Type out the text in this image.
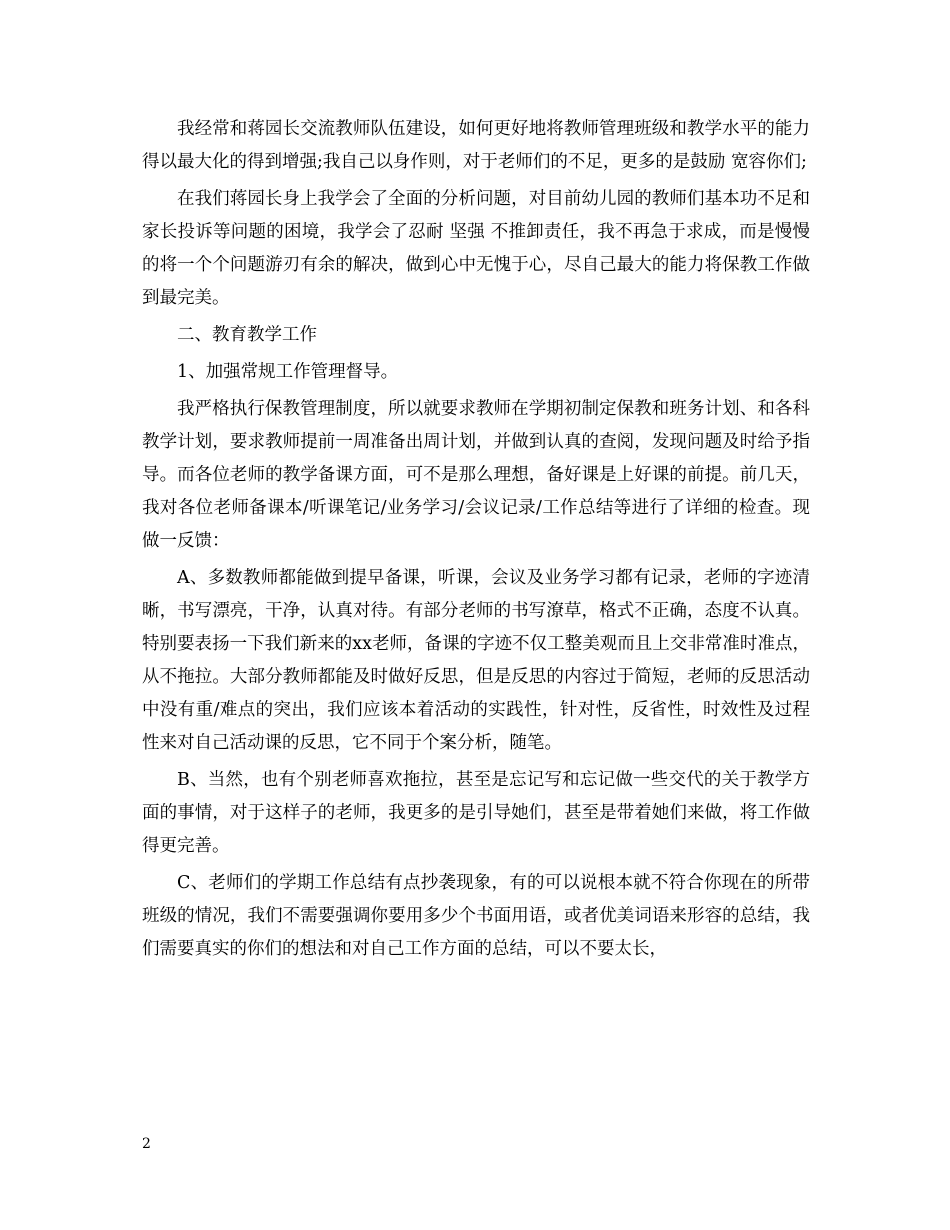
我经常和蒋园长交流教师队伍建设，如何更好地将教师管理班级和教学水平的能力得以最大化的得到增强;我自己以身作则，对于老师们的不足，更多的是鼓励 宽容你们;

在我们蒋园长身上我学会了全面的分析问题，对目前幼儿园的教师们基本功不足和家长投诉等问题的困境，我学会了忍耐 坚强 不推卸责任，我不再急于求成，而是慢慢的将一个个问题游刃有余的解决，做到心中无愧于心，尽自己最大的能力将保教工作做到最完美。

二、教育教学工作

1、加强常规工作管理督导。

我严格执行保教管理制度，所以就要求教师在学期初制定保教和班务计划、和各科教学计划，要求教师提前一周准备出周计划，并做到认真的查阅，发现问题及时给予指导。而各位老师的教学备课方面，可不是那么理想，备好课是上好课的前提。前几天，我对各位老师备课本/听课笔记/业务学习/会议记录/工作总结等进行了详细的检查。现做一反馈：

A、多数教师都能做到提早备课，听课，会议及业务学习都有记录，老师的字迹清晰，书写漂亮，干净，认真对待。有部分老师的书写潦草，格式不正确，态度不认真。 特别要表扬一下我们新来的xx老师，备课的字迹不仅工整美观而且上交非常准时准点，从不拖拉。大部分教师都能及时做好反思，但是反思的内容过于简短，老师的反思活动中没有重/难点的突出，我们应该本着活动的实践性，针对性，反省性，时效性及过程性来对自己活动课的反思，它不同于个案分析，随笔。

B、当然，也有个别老师喜欢拖拉，甚至是忘记写和忘记做一些交代的关于教学方面的事情，对于这样子的老师，我更多的是引导她们，甚至是带着她们来做，将工作做得更完善。

C、老师们的学期工作总结有点抄袭现象，有的可以说根本就不符合你现在的所带班级的情况，我们不需要强调你要用多少个书面用语，或者优美词语来形容的总结，我们需要真实的你们的想法和对自己工作方面的总结，可以不要太长，

2
